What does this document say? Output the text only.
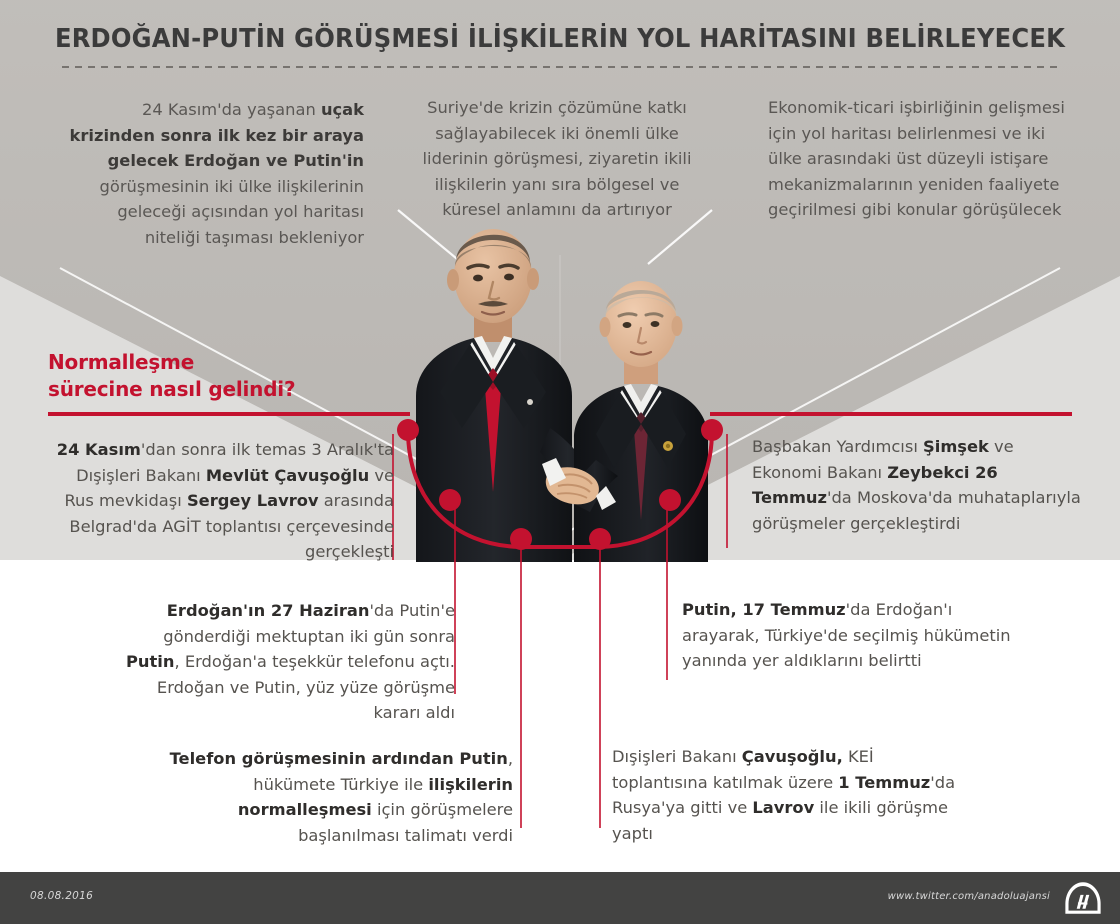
ERDOĞAN-PUTİN GÖRÜŞMESİ İLİŞKİLERİN YOL HARİTASINI BELİRLEYECEK
24 Kasım'da yaşanan uçak krizinden sonra ilk kez bir araya gelecek Erdoğan ve Putin'in görüşmesinin iki ülke ilişkilerinin geleceği açısından yol haritası niteliği taşıması bekleniyor
Suriye'de krizin çözümüne katkı sağlayabilecek iki önemli ülke liderinin görüşmesi, ziyaretin ikili ilişkilerin yanı sıra bölgesel ve küresel anlamını da artırıyor
Ekonomik-ticari işbirliğinin gelişmesi için yol haritası belirlenmesi ve iki ülke arasındaki üst düzeyli istişare mekanizmalarının yeniden faaliyete geçirilmesi gibi konular görüşülecek
Normalleşme
sürecine nasıl gelindi?
24 Kasım'dan sonra ilk temas 3 Aralık'ta Dışişleri Bakanı Mevlüt Çavuşoğlu ve Rus mevkidaşı Sergey Lavrov arasında Belgrad'da AGİT toplantısı çerçevesinde gerçekleşti
Başbakan Yardımcısı Şimşek ve Ekonomi Bakanı Zeybekci 26 Temmuz'da Moskova'da muhataplarıyla görüşmeler gerçekleştirdi
Erdoğan'ın 27 Haziran'da Putin'e gönderdiği mektuptan iki gün sonra Putin, Erdoğan'a teşekkür telefonu açtı. Erdoğan ve Putin, yüz yüze görüşme kararı aldı
Putin, 17 Temmuz'da Erdoğan'ı arayarak, Türkiye'de seçilmiş hükümetin yanında yer aldıklarını belirtti
Telefon görüşmesinin ardından Putin, hükümete Türkiye ile ilişkilerin normalleşmesi için görüşmelere başlanılması talimatı verdi
Dışişleri Bakanı Çavuşoğlu, KEİ toplantısına katılmak üzere 1 Temmuz'da Rusya'ya gitti ve Lavrov ile ikili görüşme yaptı
08.08.2016	www.twitter.com/anadoluajansi
